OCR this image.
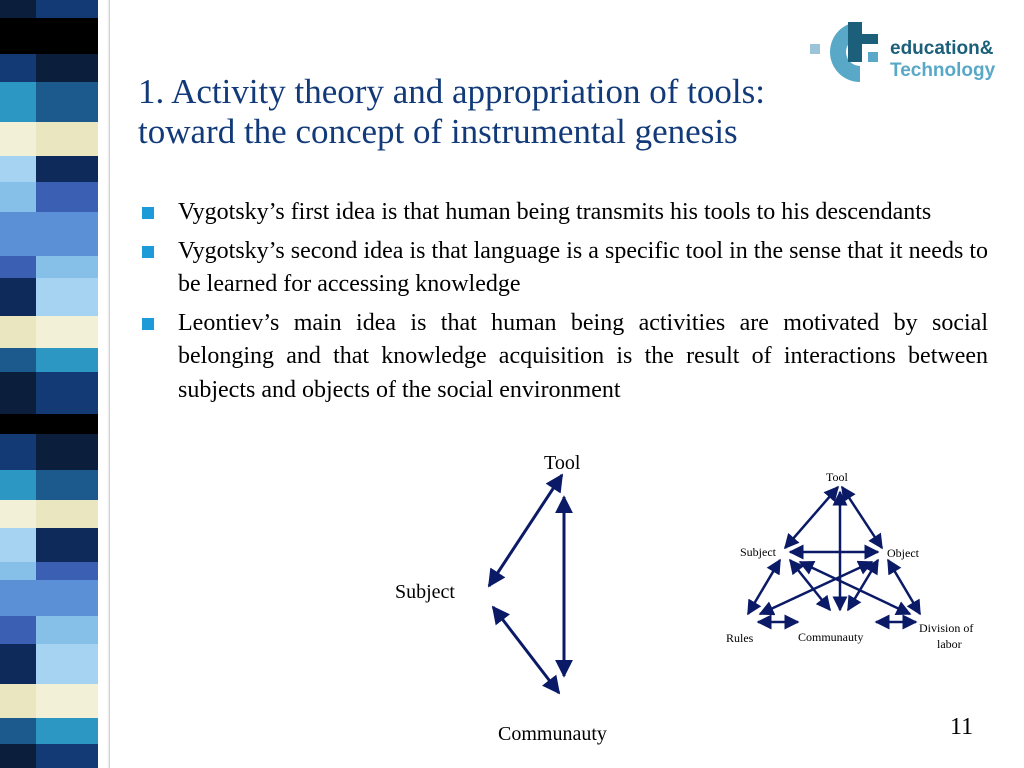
education&
Technology
1. Activity theory and appropriation of tools:
toward the concept of instrumental genesis
Vygotsky’s first idea is that human being transmits his tools to his descendants
Vygotsky’s second idea is that language is a specific tool in the sense that it needs to be learned for accessing knowledge
Leontiev’s main idea is that human being activities are motivated by social belonging and that knowledge acquisition is the result of interactions between subjects and objects of the social environment
Tool
Subject
Communauty
Tool
Subject	Object
Rules	Communauty
Division of
labor
11
